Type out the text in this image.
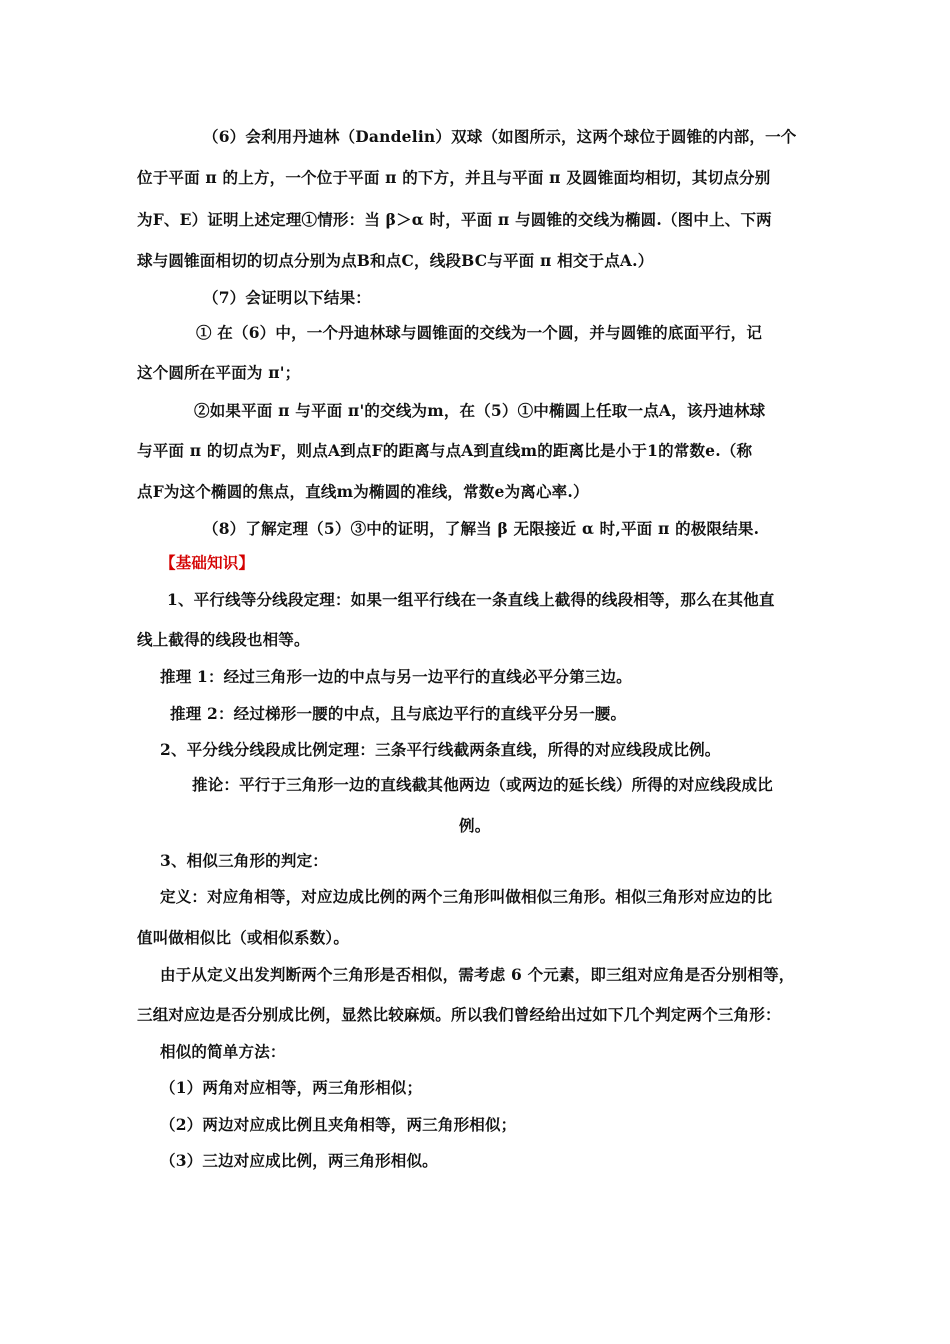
（6）会利用丹迪林（Dandelin）双球（如图所示，这两个球位于圆锥的内部，一个
位于平面 π 的上方，一个位于平面 π 的下方，并且与平面 π 及圆锥面均相切，其切点分别
为F、E）证明上述定理①情形：当 β＞α 时，平面 π 与圆锥的交线为椭圆.（图中上、下两
球与圆锥面相切的切点分别为点B和点C，线段BC与平面 π 相交于点A.）
（7）会证明以下结果：
① 在（6）中，一个丹迪林球与圆锥面的交线为一个圆，并与圆锥的底面平行，记
这个圆所在平面为 π'；
②如果平面 π 与平面 π'的交线为m，在（5）①中椭圆上任取一点A，该丹迪林球
与平面 π 的切点为F，则点A到点F的距离与点A到直线m的距离比是小于1的常数e.（称
点F为这个椭圆的焦点，直线m为椭圆的准线，常数e为离心率.）
（8）了解定理（5）③中的证明，了解当 β 无限接近 α 时,平面 π 的极限结果.
【基础知识】
1、平行线等分线段定理：如果一组平行线在一条直线上截得的线段相等，那么在其他直
线上截得的线段也相等。
推理 1：经过三角形一边的中点与另一边平行的直线必平分第三边。
推理 2：经过梯形一腰的中点，且与底边平行的直线平分另一腰。
2、平分线分线段成比例定理：三条平行线截两条直线，所得的对应线段成比例。
推论：平行于三角形一边的直线截其他两边（或两边的延长线）所得的对应线段成比
例。
3、相似三角形的判定：
定义：对应角相等，对应边成比例的两个三角形叫做相似三角形。相似三角形对应边的比
值叫做相似比（或相似系数）。
由于从定义出发判断两个三角形是否相似，需考虑 6 个元素，即三组对应角是否分别相等，
三组对应边是否分别成比例，显然比较麻烦。所以我们曾经给出过如下几个判定两个三角形：
相似的简单方法：
（1）两角对应相等，两三角形相似；
（2）两边对应成比例且夹角相等，两三角形相似；
（3）三边对应成比例，两三角形相似。
